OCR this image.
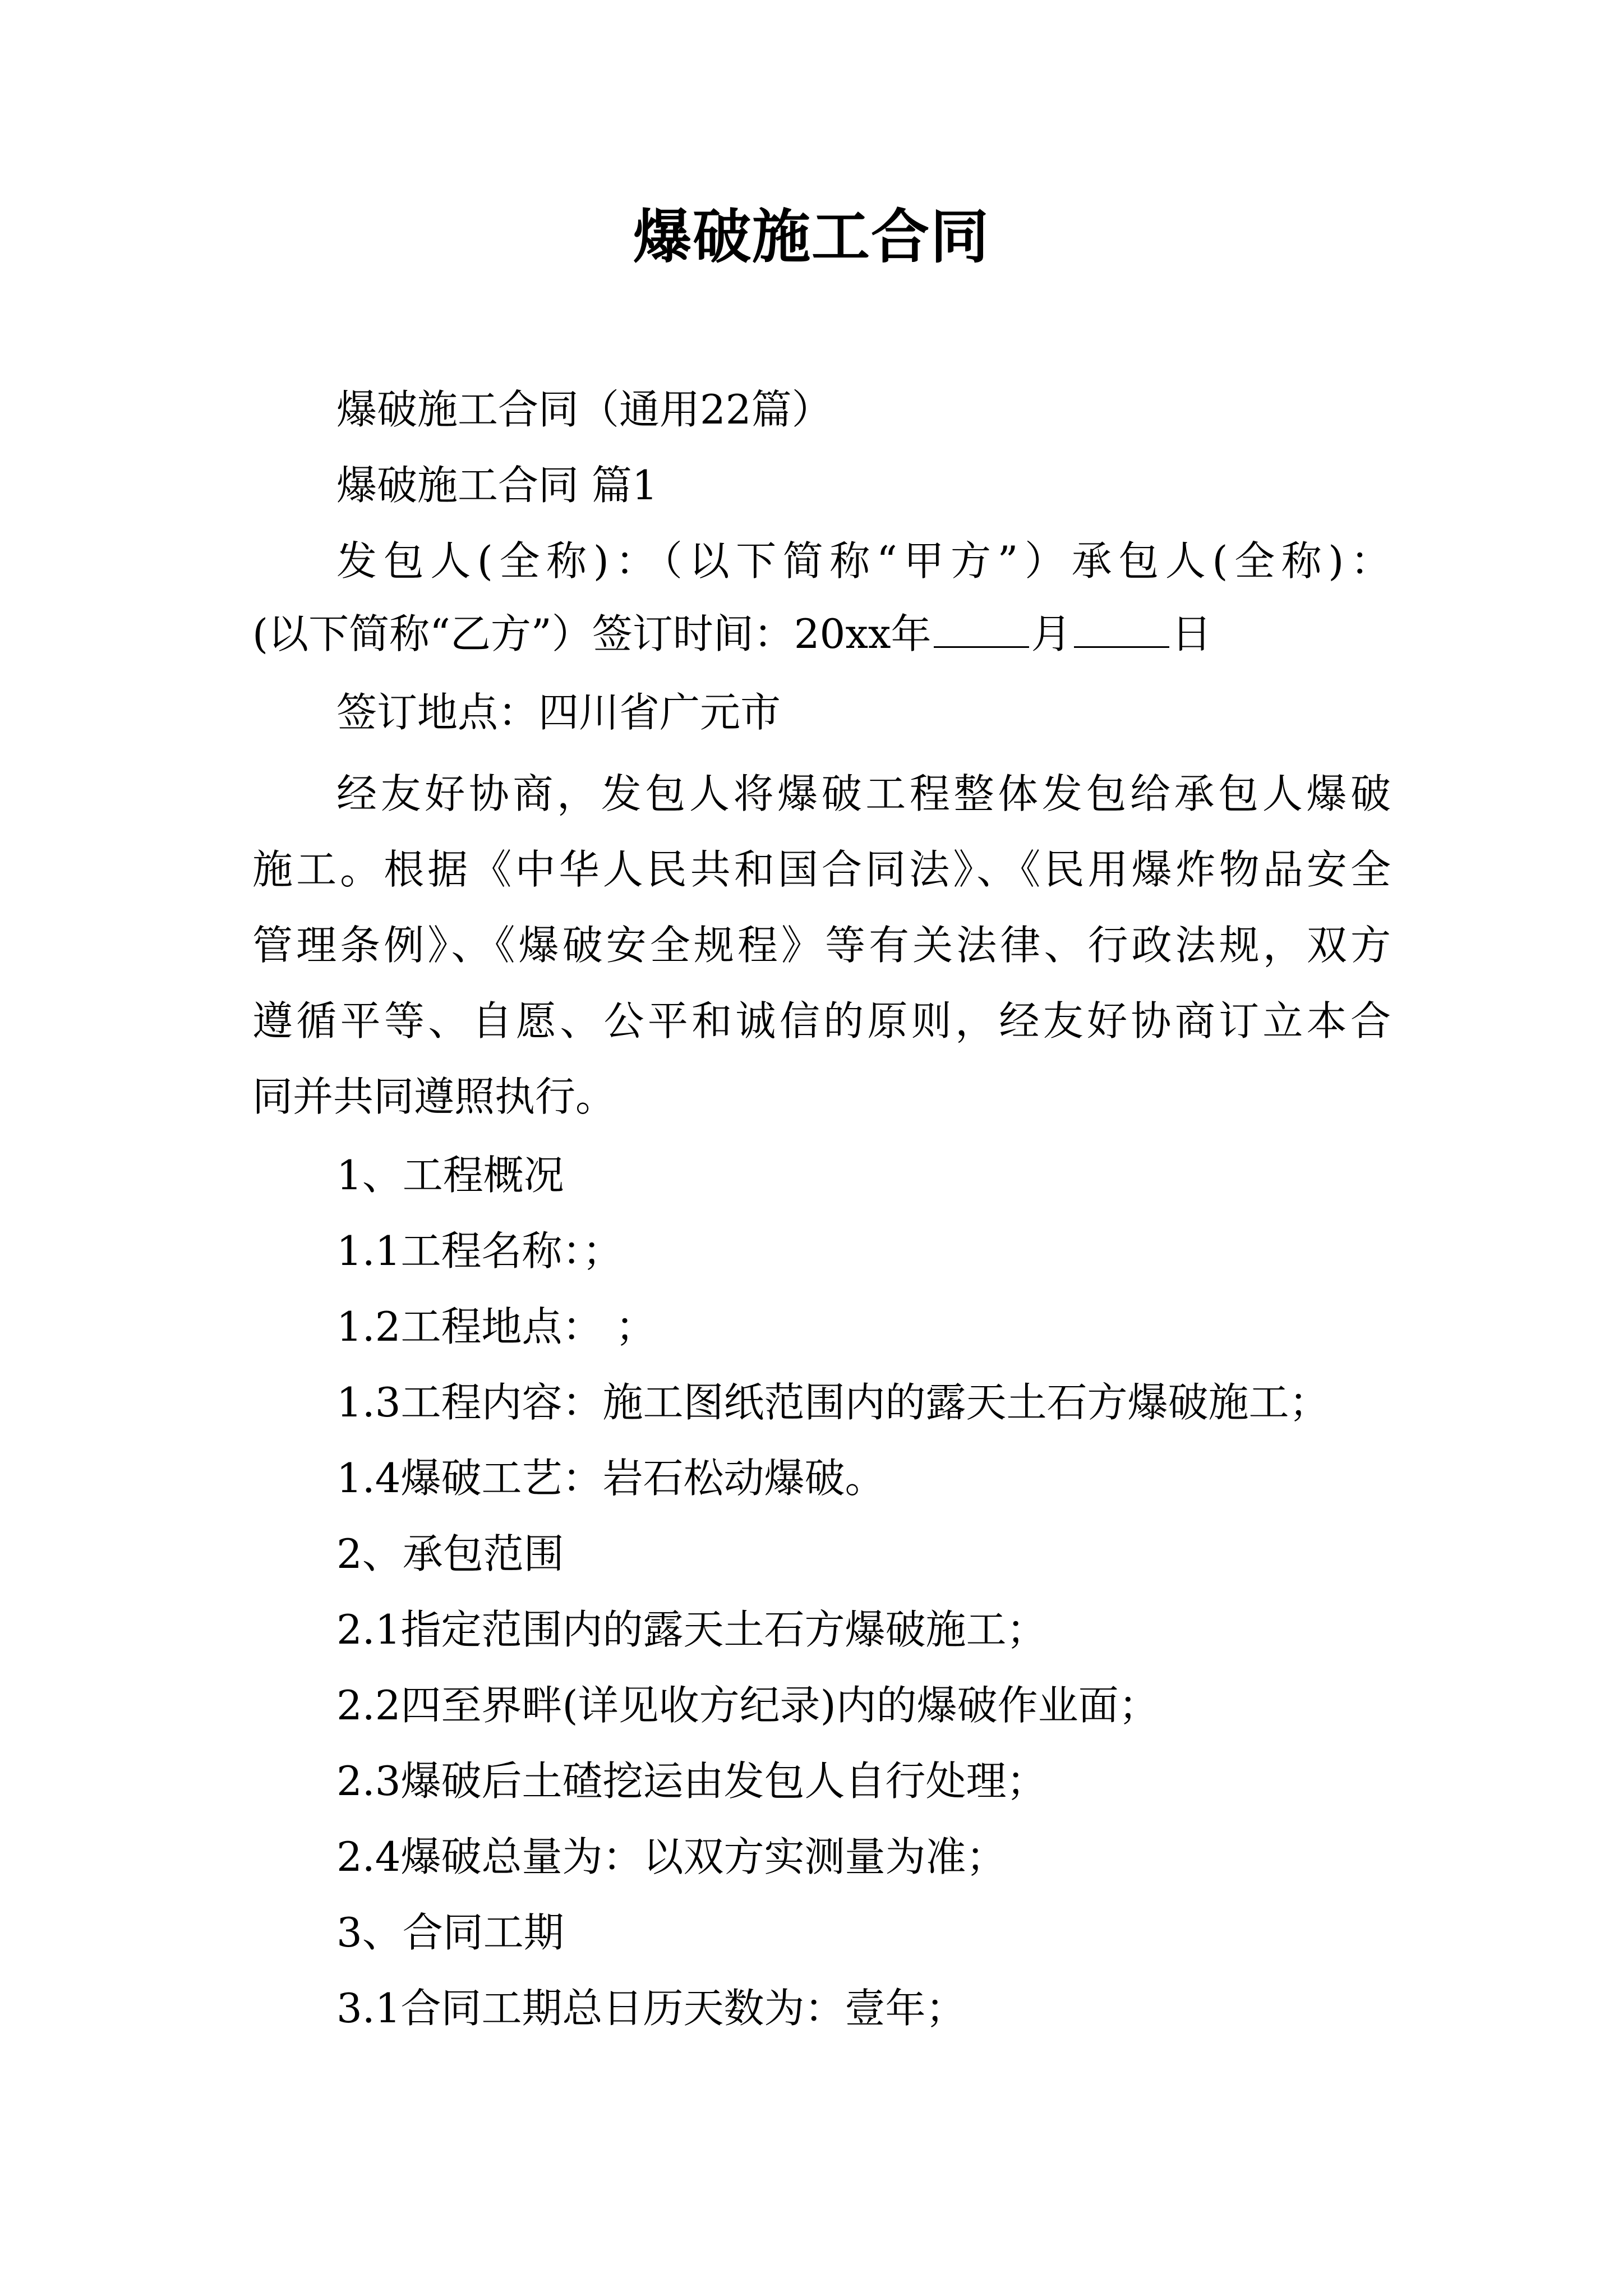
爆破施工合同
爆破施工合同（通用22篇）
爆破施工合同 篇1
发包人(全称)：（以下简称“甲方”）承包人(全称)：
(以下简称“乙方”）签订时间：20xx年 月 日
签订地点：四川省广元市
经友好协商，发包人将爆破工程整体发包给承包人爆破
施工。根据《中华人民共和国合同法》、《民用爆炸物品安全
管理条例》、《爆破安全规程》等有关法律、行政法规，双方
遵循平等、自愿、公平和诚信的原则，经友好协商订立本合
同并共同遵照执行。
1、工程概况
1.1工程名称：；
1.2工程地点： ；
1.3工程内容：施工图纸范围内的露天土石方爆破施工；
1.4爆破工艺：岩石松动爆破。
2、承包范围
2.1指定范围内的露天土石方爆破施工；
2.2四至界畔(详见收方纪录)内的爆破作业面；
2.3爆破后土碴挖运由发包人自行处理；
2.4爆破总量为：以双方实测量为准；
3、合同工期
3.1合同工期总日历天数为：壹年；
